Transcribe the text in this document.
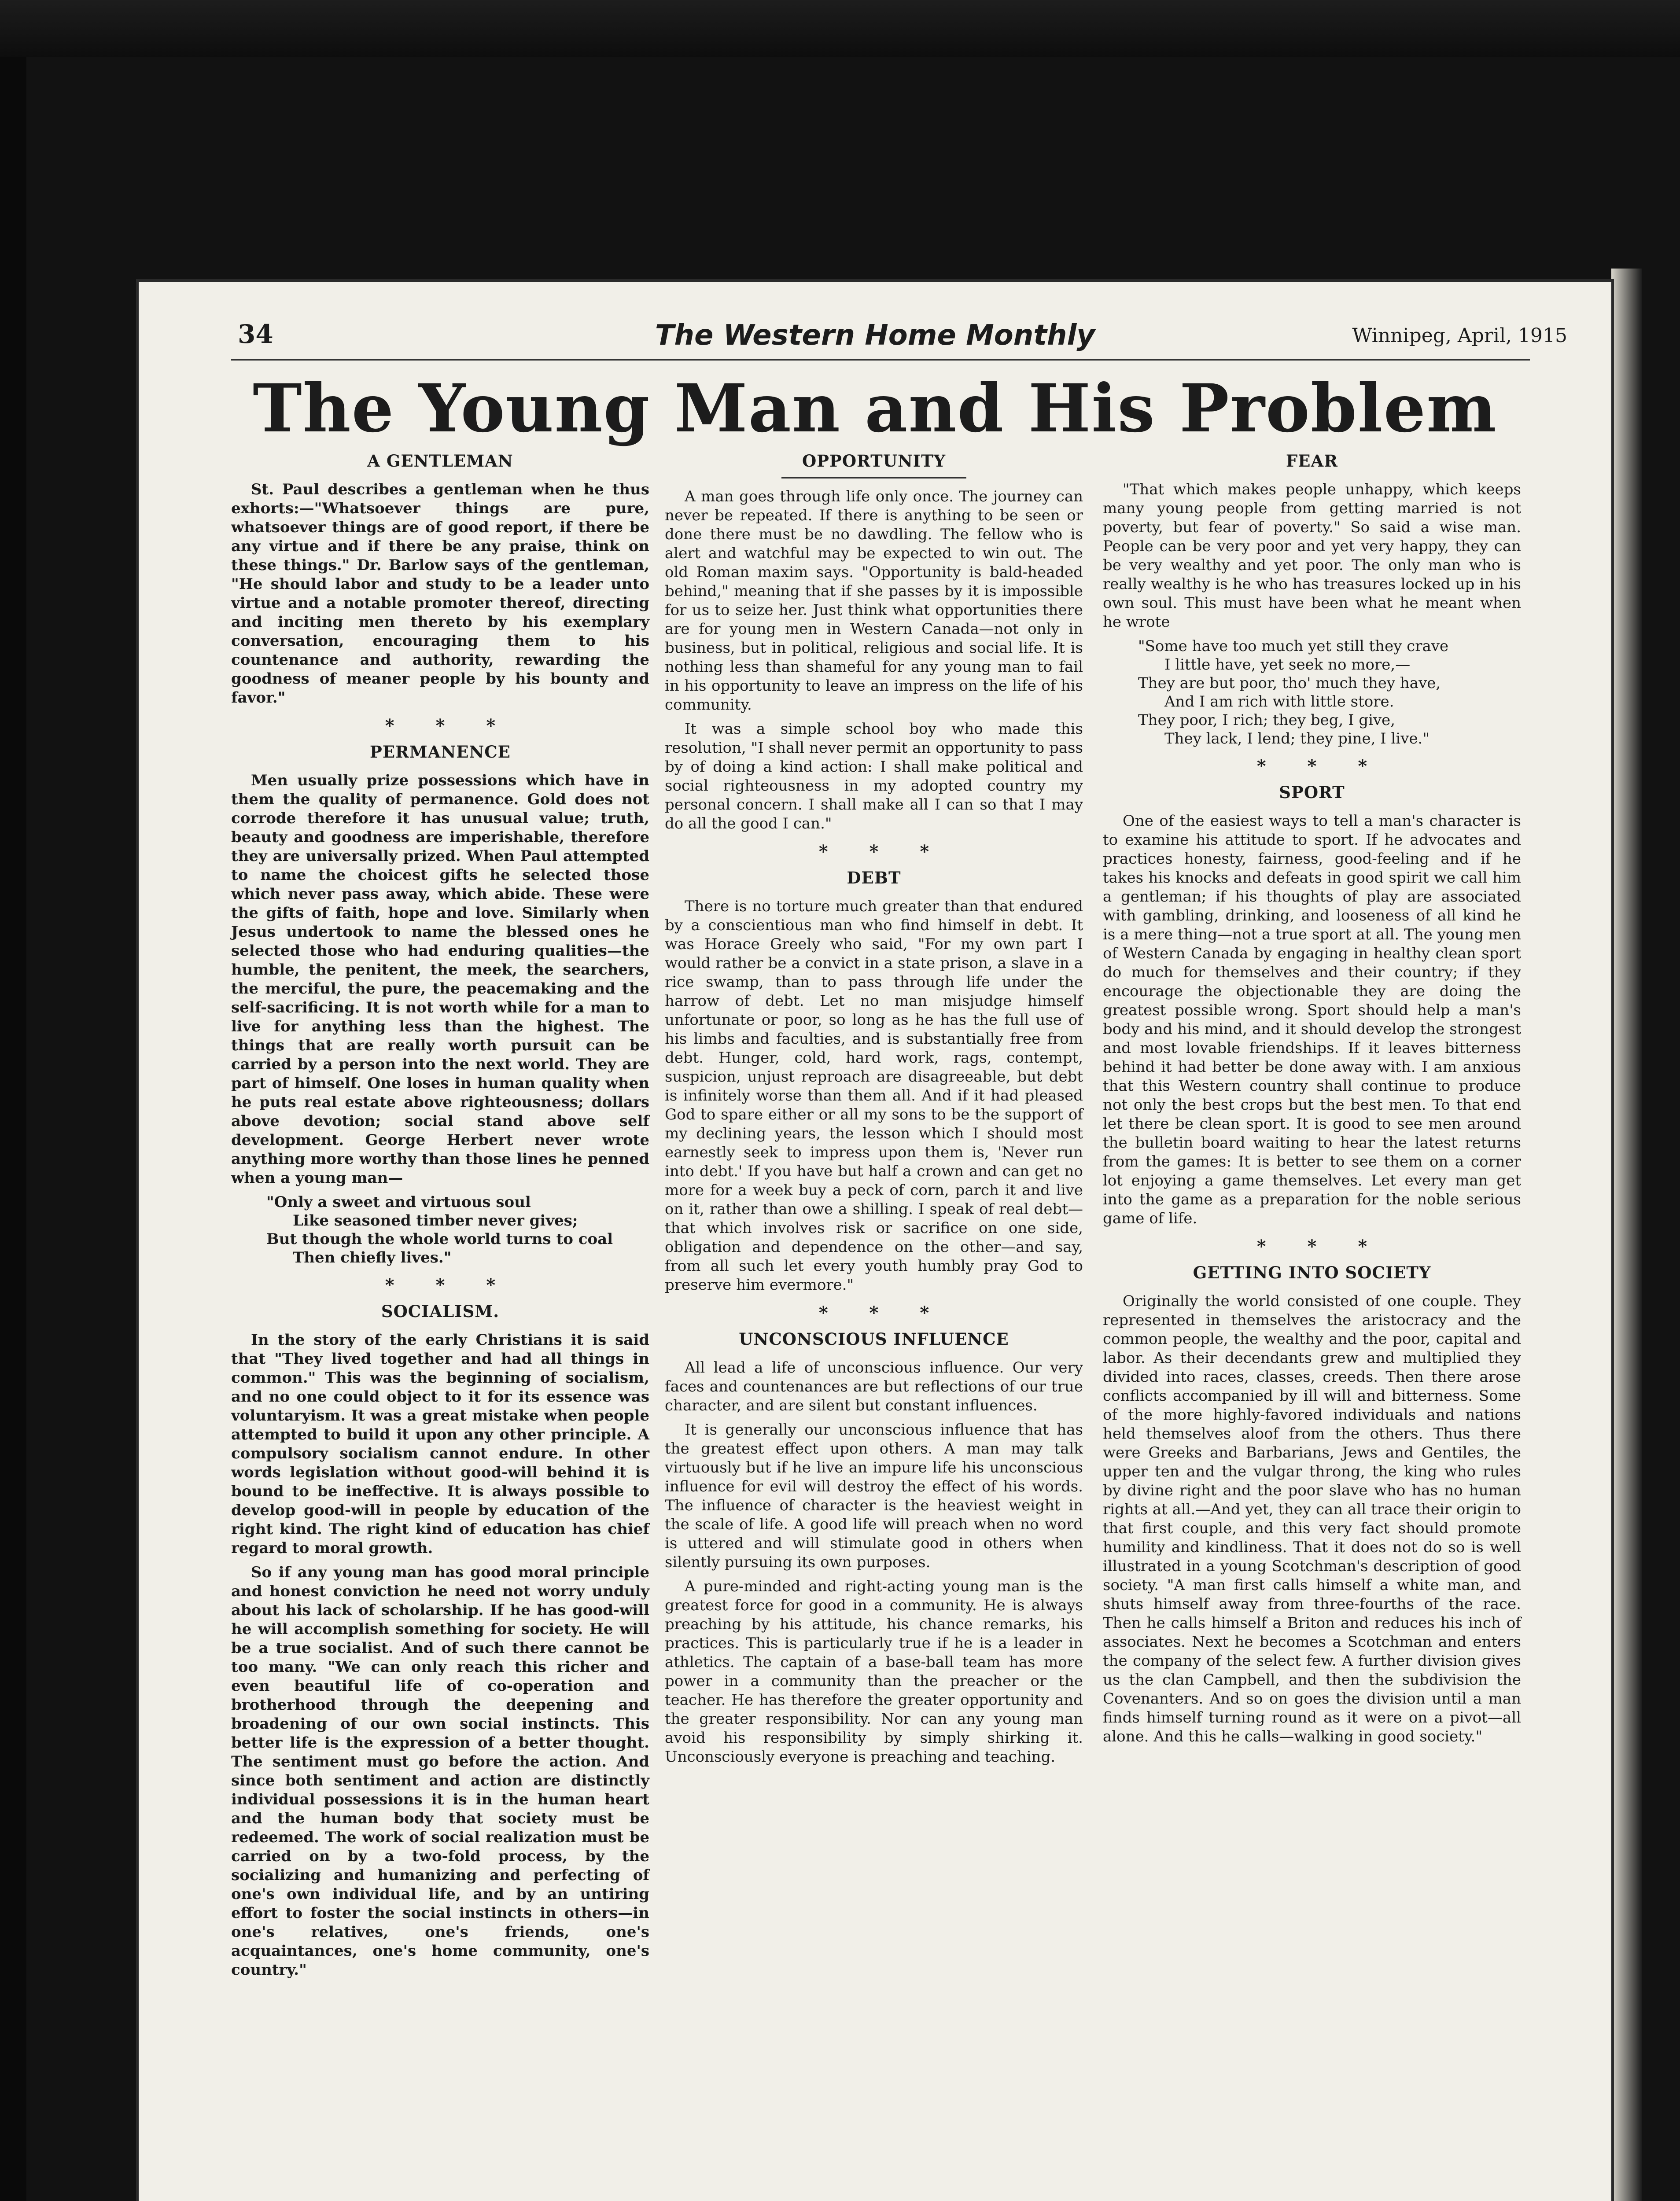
34	The Western Home Monthly	Winnipeg, April, 1915
The Young Man and His Problem
A GENTLEMAN

St. Paul describes a gentleman when he thus exhorts:—"Whatsoever things are pure, whatsoever things are of good report, if there be any virtue and if there be any praise, think on these things." Dr. Barlow says of the gentleman, "He should labor and study to be a leader unto virtue and a notable promoter thereof, directing and inciting men thereto by his exemplary conversation, encouraging them to his countenance and authority, rewarding the goodness of meaner people by his bounty and favor."

* * *
PERMANENCE

Men usually prize possessions which have in them the quality of permanence. Gold does not corrode therefore it has unusual value; truth, beauty and goodness are imperishable, therefore they are universally prized. When Paul attempted to name the choicest gifts he selected those which never pass away, which abide. These were the gifts of faith, hope and love. Similarly when Jesus undertook to name the blessed ones he selected those who had enduring qualities—the humble, the penitent, the meek, the searchers, the merciful, the pure, the peacemaking and the self-sacrificing. It is not worth while for a man to live for anything less than the highest. The things that are really worth pursuit can be carried by a person into the next world. They are part of himself. One loses in human quality when he puts real estate above righteousness; dollars above devotion; social stand above self development. George Herbert never wrote anything more worthy than those lines he penned when a young man—

"Only a sweet and virtuous soul
Like seasoned timber never gives;
But though the whole world turns to coal
Then chiefly lives."
* * *
SOCIALISM.

In the story of the early Christians it is said that "They lived together and had all things in common." This was the beginning of socialism, and no one could object to it for its essence was voluntaryism. It was a great mistake when people attempted to build it upon any other principle. A compulsory socialism cannot endure. In other words legislation without good-will behind it is bound to be ineffective. It is always possible to develop good-will in people by education of the right kind. The right kind of education has chief regard to moral growth.

So if any young man has good moral principle and honest conviction he need not worry unduly about his lack of scholarship. If he has good-will he will accomplish something for society. He will be a true socialist. And of such there cannot be too many. "We can only reach this richer and even beautiful life of co-operation and brotherhood through the deepening and broadening of our own social instincts. This better life is the expression of a better thought. The sentiment must go before the action. And since both sentiment and action are distinctly individual possessions it is in the human heart and the human body that society must be redeemed. The work of social realization must be carried on by a two-fold process, by the socializing and humanizing and perfecting of one's own individual life, and by an untiring effort to foster the social instincts in others—in one's relatives, one's friends, one's acquaintances, one's home community, one's country."

OPPORTUNITY

A man goes through life only once. The journey can never be repeated. If there is anything to be seen or done there must be no dawdling. The fellow who is alert and watchful may be expected to win out. The old Roman maxim says. "Opportunity is bald-headed behind," meaning that if she passes by it is impossible for us to seize her. Just think what opportunities there are for young men in Western Canada—not only in business, but in political, religious and social life. It is nothing less than shameful for any young man to fail in his opportunity to leave an impress on the life of his community.

It was a simple school boy who made this resolution, "I shall never permit an opportunity to pass by of doing a kind action: I shall make political and social righteousness in my adopted country my personal concern. I shall make all I can so that I may do all the good I can."

* * *
DEBT

There is no torture much greater than that endured by a conscientious man who find himself in debt. It was Horace Greely who said, "For my own part I would rather be a convict in a state prison, a slave in a rice swamp, than to pass through life under the harrow of debt. Let no man misjudge himself unfortunate or poor, so long as he has the full use of his limbs and faculties, and is substantially free from debt. Hunger, cold, hard work, rags, contempt, suspicion, unjust reproach are disagreeable, but debt is infinitely worse than them all. And if it had pleased God to spare either or all my sons to be the support of my declining years, the lesson which I should most earnestly seek to impress upon them is, 'Never run into debt.' If you have but half a crown and can get no more for a week buy a peck of corn, parch it and live on it, rather than owe a shilling. I speak of real debt—that which involves risk or sacrifice on one side, obligation and dependence on the other—and say, from all such let every youth humbly pray God to preserve him evermore."

* * *
UNCONSCIOUS INFLUENCE

All lead a life of unconscious influence. Our very faces and countenances are but reflections of our true character, and are silent but constant influences.

It is generally our unconscious influence that has the greatest effect upon others. A man may talk virtuously but if he live an impure life his unconscious influence for evil will destroy the effect of his words. The influence of character is the heaviest weight in the scale of life. A good life will preach when no word is uttered and will stimulate good in others when silently pursuing its own purposes.

A pure-minded and right-acting young man is the greatest force for good in a community. He is always preaching by his attitude, his chance remarks, his practices. This is particularly true if he is a leader in athletics. The captain of a base-ball team has more power in a community than the preacher or the teacher. He has therefore the greater opportunity and the greater responsibility. Nor can any young man avoid his responsibility by simply shirking it. Unconsciously everyone is preaching and teaching.

FEAR

"That which makes people unhappy, which keeps many young people from getting married is not poverty, but fear of poverty." So said a wise man. People can be very poor and yet very happy, they can be very wealthy and yet poor. The only man who is really wealthy is he who has treasures locked up in his own soul. This must have been what he meant when he wrote

"Some have too much yet still they crave
I little have, yet seek no more,—
They are but poor, tho' much they have,
And I am rich with little store.
They poor, I rich; they beg, I give,
They lack, I lend; they pine, I live."
* * *
SPORT

One of the easiest ways to tell a man's character is to examine his attitude to sport. If he advocates and practices honesty, fairness, good-feeling and if he takes his knocks and defeats in good spirit we call him a gentleman; if his thoughts of play are associated with gambling, drinking, and looseness of all kind he is a mere thing—not a true sport at all. The young men of Western Canada by engaging in healthy clean sport do much for themselves and their country; if they encourage the objectionable they are doing the greatest possible wrong. Sport should help a man's body and his mind, and it should develop the strongest and most lovable friendships. If it leaves bitterness behind it had better be done away with. I am anxious that this Western country shall continue to produce not only the best crops but the best men. To that end let there be clean sport. It is good to see men around the bulletin board waiting to hear the latest returns from the games: It is better to see them on a corner lot enjoying a game themselves. Let every man get into the game as a preparation for the noble serious game of life.

* * *
GETTING INTO SOCIETY

Originally the world consisted of one couple. They represented in themselves the aristocracy and the common people, the wealthy and the poor, capital and labor. As their decendants grew and multiplied they divided into races, classes, creeds. Then there arose conflicts accompanied by ill will and bitterness. Some of the more highly-favored individuals and nations held themselves aloof from the others. Thus there were Greeks and Barbarians, Jews and Gentiles, the upper ten and the vulgar throng, the king who rules by divine right and the poor slave who has no human rights at all.—And yet, they can all trace their origin to that first couple, and this very fact should promote humility and kindliness. That it does not do so is well illustrated in a young Scotchman's description of good society. "A man first calls himself a white man, and shuts himself away from three-fourths of the race. Then he calls himself a Briton and reduces his inch of associates. Next he becomes a Scotchman and enters the company of the select few. A further division gives us the clan Campbell, and then the subdivision the Covenanters. And so on goes the division until a man finds himself turning round as it were on a pivot—all alone. And this he calls—walking in good society."
